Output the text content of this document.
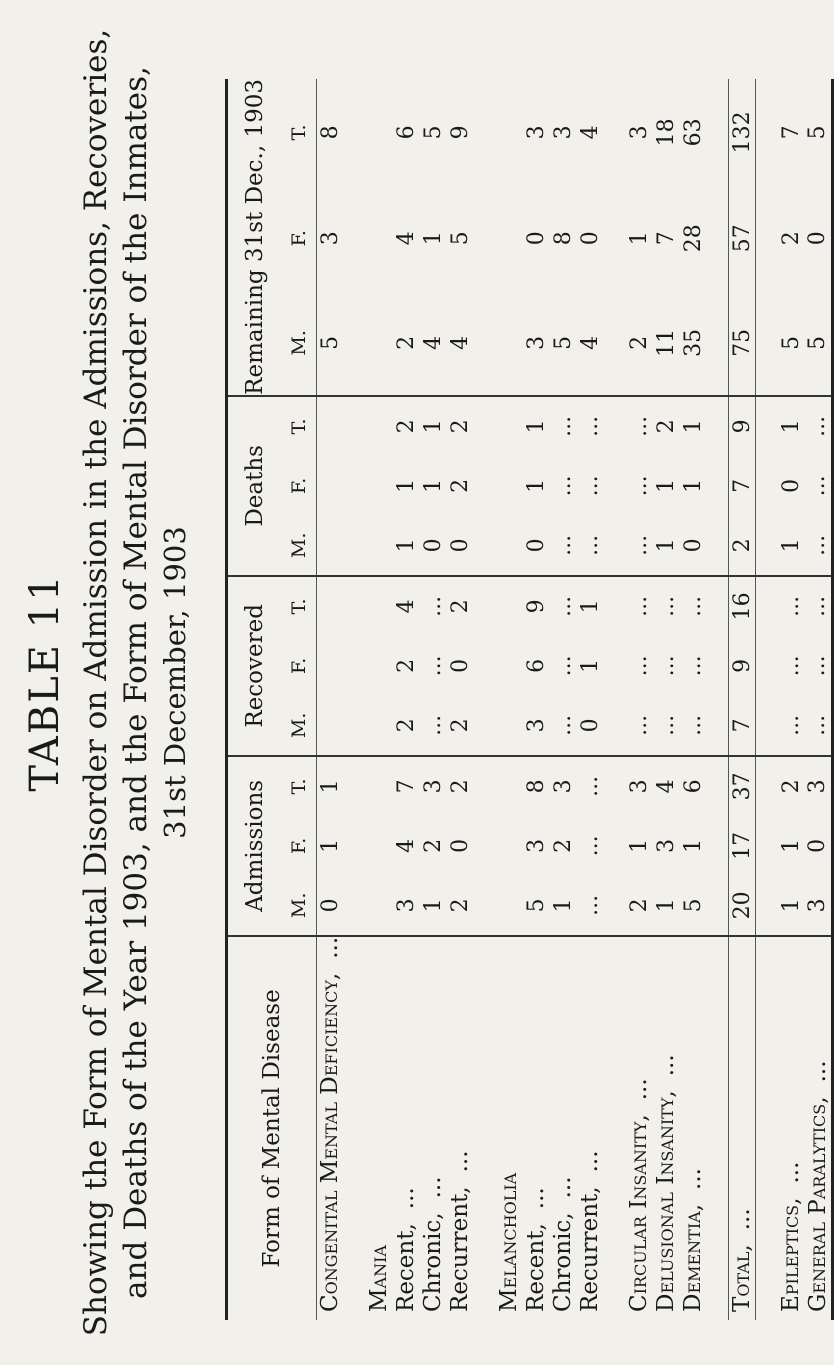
TABLE 11 Showing the Form of Mental Disorder on Admission in the Admissions, Recoveries, and Deaths of the Year 1903, and the Form of Mental Disorder of the Inmates, 31st December, 1903
Form of Mental Disease	Admissions			Recovered			Deaths			Remaining 31st Dec., 1903		
	M.	F.	T.	M.	F.	T.	M.	F.	T.	M.	F.	T.
Congenital Mental Deficiency,...	0	1	1							5	3	8

Mania												
Recent,...	3	4	7	2	2	4	1	1	2	2	4	6
Chronic,...	1	2	3	...	...	...	0	1	1	4	1	5
Recurrent,...	2	0	2	2	0	2	0	2	2	4	5	9

Melancholia												
Recent,...	5	3	8	3	6	9	0	1	1	3	0	3
Chronic,...	1	2	3	...	...	...	...	...	...	5	8	3
Recurrent,...	...	...	...	0	1	1	...	...	...	4	0	4

Circular Insanity,...	2	1	3	...	...	...	...	...	...	2	1	3
Delusional Insanity,...	1	3	4	...	...	...	1	1	2	11	7	18
Dementia,...	5	1	6	...	...	...	0	1	1	35	28	63

Total,...	20	17	37	7	9	16	2	7	9	75	57	132

Epileptics,...	1	1	2	...	...	...	1	0	1	5	2	7
General Paralytics,...	3	0	3	...	...	...	...	...	...	5	0	5
